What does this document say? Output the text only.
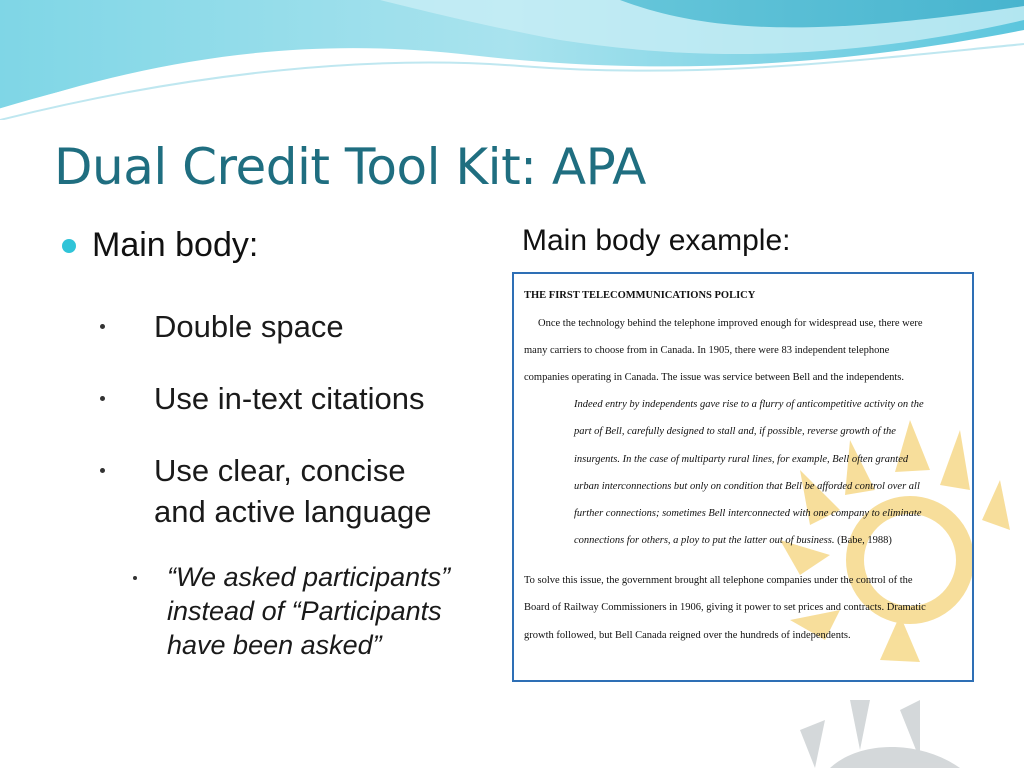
Dual Credit Tool Kit: APA
Main body:
Double space
Use in-text citations
Use clear, concise
and active language
“We asked participants” instead of “Participants have been asked”
Main body example:
THE FIRST TELECOMMUNICATIONS POLICY
Once the technology behind the telephone improved enough for widespread use, there were
many carriers to choose from in Canada. In 1905, there were 83 independent telephone
companies operating in Canada. The issue was service between Bell and the independents.
Indeed entry by independents gave rise to a flurry of anticompetitive activity on the
part of Bell, carefully designed to stall and, if possible, reverse growth of the
insurgents. In the case of multiparty rural lines, for example, Bell often granted
urban interconnections but only on condition that Bell be afforded control over all
further connections; sometimes Bell interconnected with one company to eliminate
connections for others, a ploy to put the latter out of business. (Babe, 1988)
To solve this issue, the government brought all telephone companies under the control of the
Board of Railway Commissioners in 1906, giving it power to set prices and contracts. Dramatic
growth followed, but Bell Canada reigned over the hundreds of independents.
